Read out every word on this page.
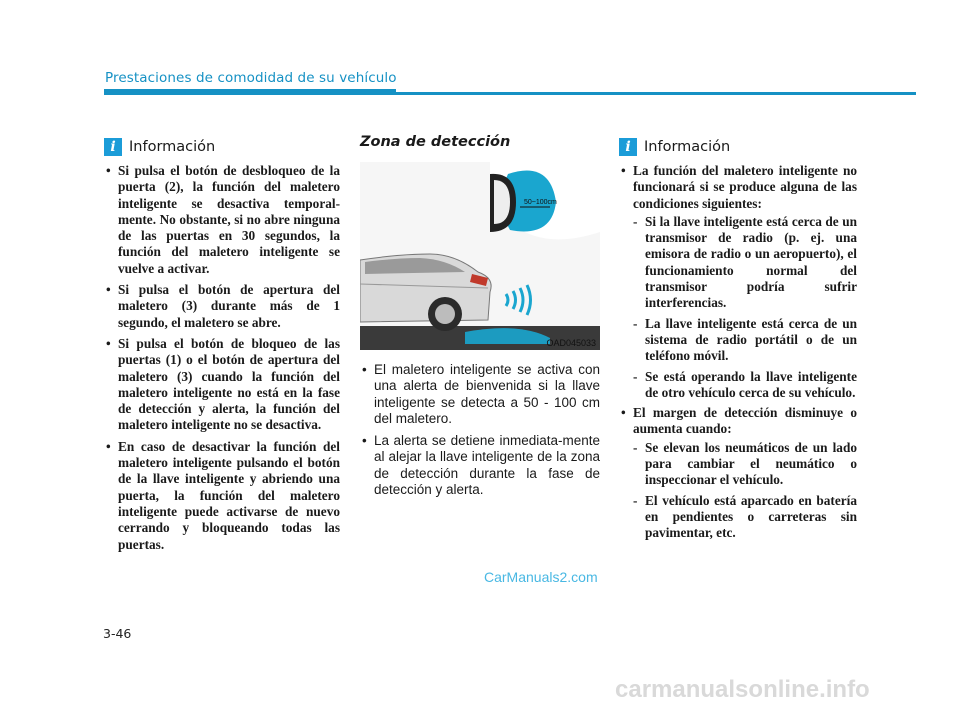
Prestaciones de comodidad de su vehículo
i Información
• Si pulsa el botón de desbloqueo de la puerta (2), la función del maletero inteligente se desactiva temporal-mente. No obstante, si no abre ninguna de las puertas en 30 segundos, la función del maletero inteligente se vuelve a activar.
• Si pulsa el botón de apertura del maletero (3) durante más de 1 segundo, el maletero se abre.
• Si pulsa el botón de bloqueo de las puertas (1) o el botón de apertura del maletero (3) cuando la función del maletero inteligente no está en la fase de detección y alerta, la función del maletero inteligente no se desactiva.
• En caso de desactivar la función del maletero inteligente pulsando el botón de la llave inteligente y abriendo una puerta, la función del maletero inteligente puede activarse de nuevo cerrando y bloqueando todas las puertas.
Zona de detección
50~100cm
OAD045033
• El maletero inteligente se activa con una alerta de bienvenida si la llave inteligente se detecta a 50 - 100 cm del maletero.
• La alerta se detiene inmediata-mente al alejar la llave inteligente de la zona de detección durante la fase de detección y alerta.
i Información
• La función del maletero inteligente no funcionará si se produce alguna de las condiciones siguientes:
- Si la llave inteligente está cerca de un transmisor de radio (p. ej. una emisora de radio o un aeropuerto), el funcionamiento normal del transmisor podría sufrir interferencias.
- La llave inteligente está cerca de un sistema de radio portátil o de un teléfono móvil.
- Se está operando la llave inteligente de otro vehículo cerca de su vehículo.
• El margen de detección disminuye o aumenta cuando:
- Se elevan los neumáticos de un lado para cambiar el neumático o inspeccionar el vehículo.
- El vehículo está aparcado en batería en pendientes o carreteras sin pavimentar, etc.
CarManuals2.com
3-46
carmanualsonline.info
